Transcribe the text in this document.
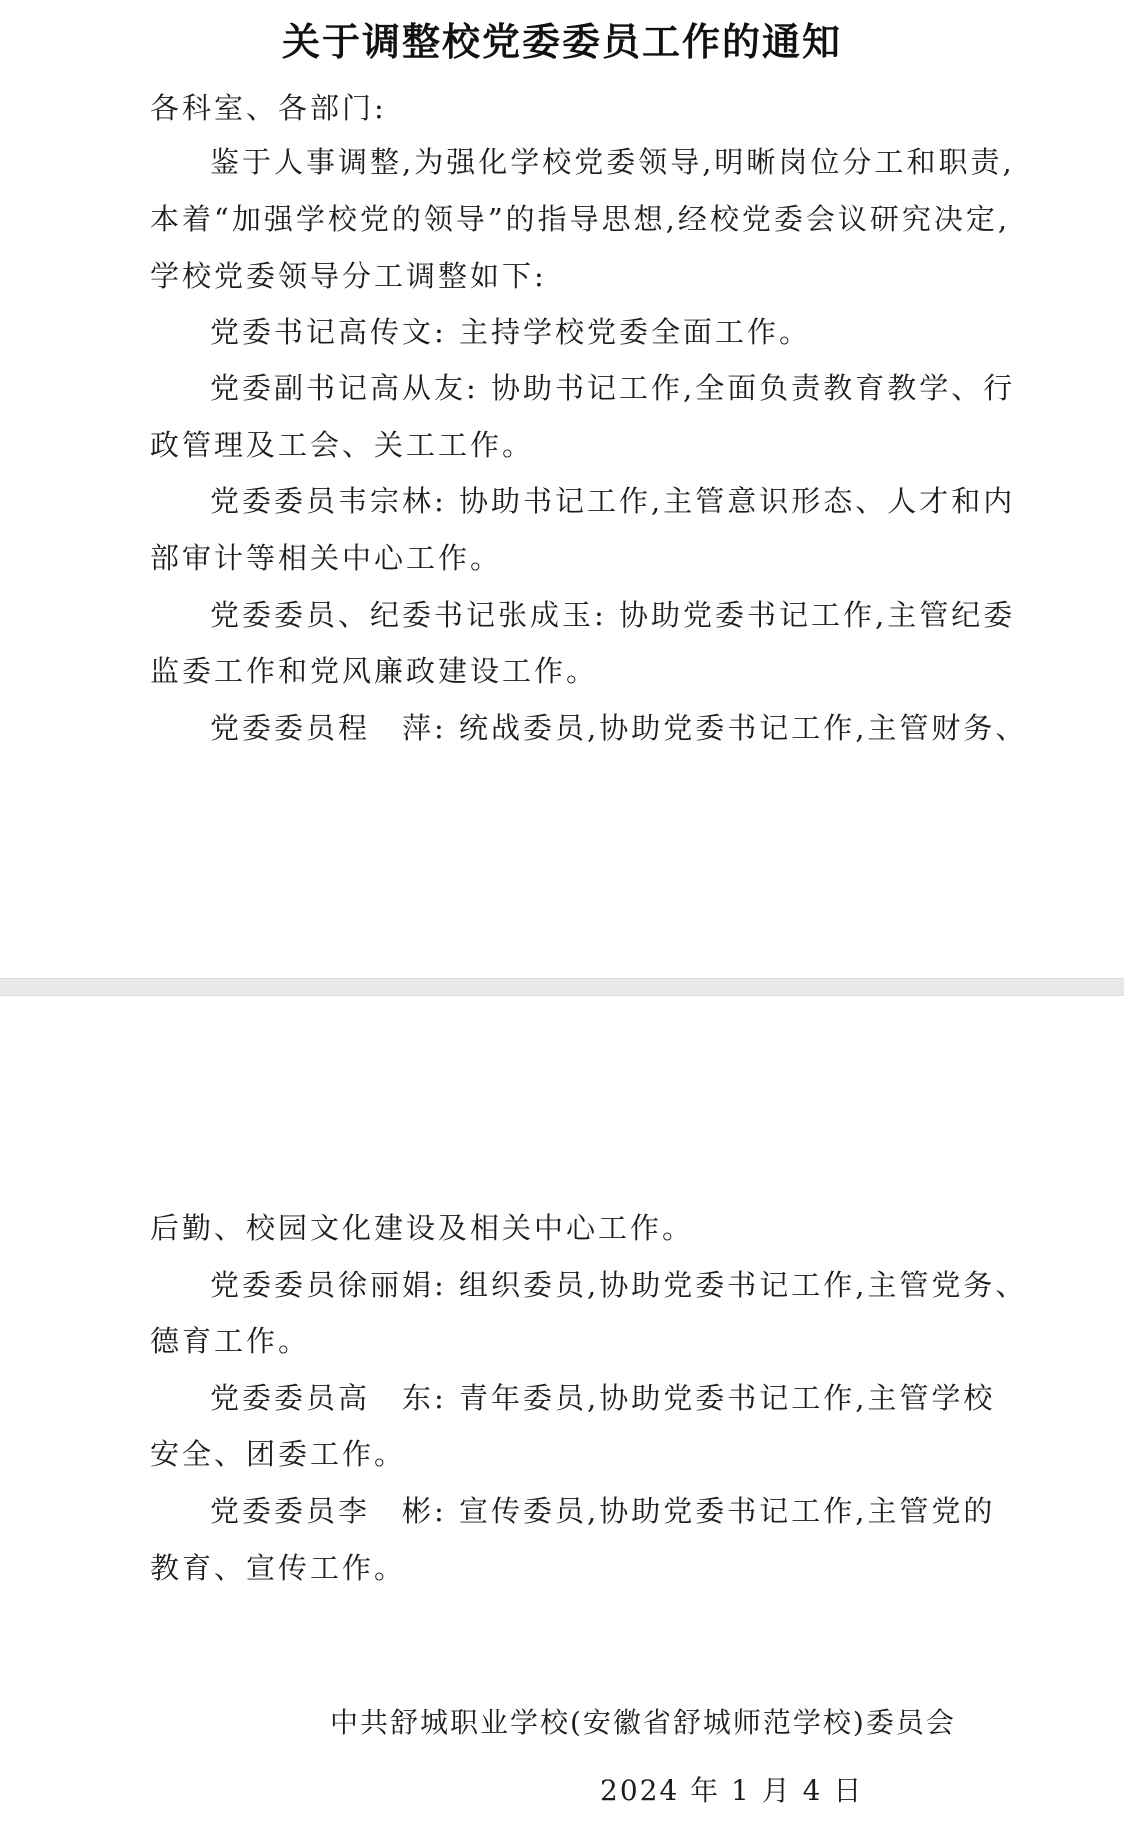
关于调整校党委委员工作的通知

各科室、各部门:

鉴于人事调整,为强化学校党委领导,明晰岗位分工和职责,

本着“加强学校党的领导”的指导思想,经校党委会议研究决定,

学校党委领导分工调整如下:

党委书记高传文: 主持学校党委全面工作。

党委副书记高从友: 协助书记工作,全面负责教育教学、行

政管理及工会、关工工作。

党委委员韦宗林: 协助书记工作,主管意识形态、人才和内

部审计等相关中心工作。

党委委员、纪委书记张成玉: 协助党委书记工作,主管纪委

监委工作和党风廉政建设工作。

党委委员程　萍: 统战委员,协助党委书记工作,主管财务、

后勤、校园文化建设及相关中心工作。

党委委员徐丽娟: 组织委员,协助党委书记工作,主管党务、

德育工作。

党委委员高　东: 青年委员,协助党委书记工作,主管学校

安全、团委工作。

党委委员李　彬: 宣传委员,协助党委书记工作,主管党的

教育、宣传工作。

中共舒城职业学校(安徽省舒城师范学校)委员会

2024 年 1 月 4 日
